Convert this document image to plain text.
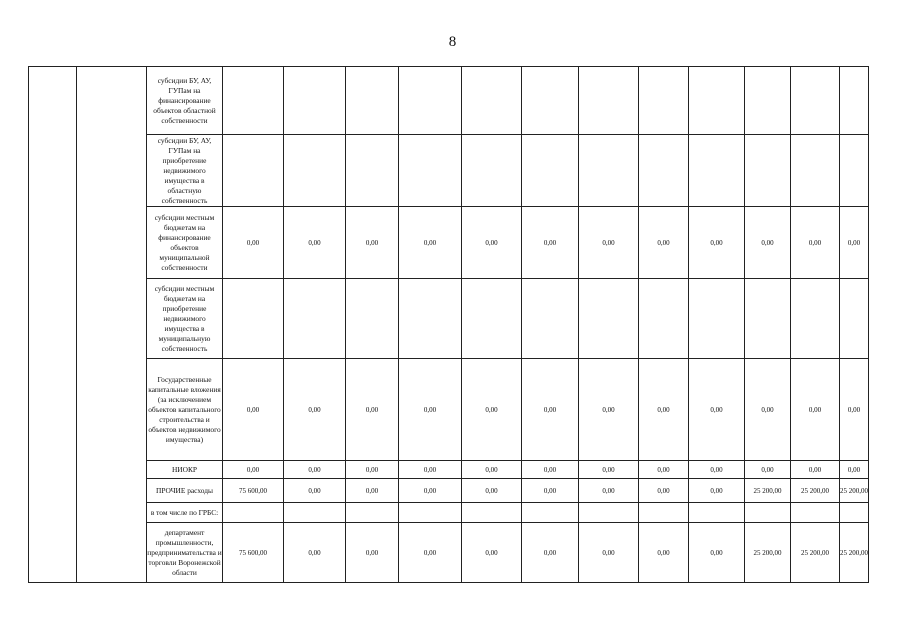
8
		субсидии БУ, АУ, ГУПам на финансирование объектов областной собственности												
		субсидии БУ, АУ, ГУПам на приобретение недвижимого имущества в областную собственность												
		субсидии местным бюджетам на финансирование объектов муниципальной собственности	0,00	0,00	0,00	0,00	0,00	0,00	0,00	0,00	0,00	0,00	0,00	0,00
		субсидии местным бюджетам на приобретение недвижимого имущества в муниципальную собственность												
		Государственные капитальные вложения (за исключением объектов капитального строительства и объектов недвижимого имущества)	0,00	0,00	0,00	0,00	0,00	0,00	0,00	0,00	0,00	0,00	0,00	0,00
		НИОКР	0,00	0,00	0,00	0,00	0,00	0,00	0,00	0,00	0,00	0,00	0,00	0,00
		ПРОЧИЕ расходы	75 600,00	0,00	0,00	0,00	0,00	0,00	0,00	0,00	0,00	25 200,00	25 200,00	25 200,00
		в том числе по ГРБС:												
		департамент промышленности, предпринимательства и торговли Воронежской области	75 600,00	0,00	0,00	0,00	0,00	0,00	0,00	0,00	0,00	25 200,00	25 200,00	25 200,00
